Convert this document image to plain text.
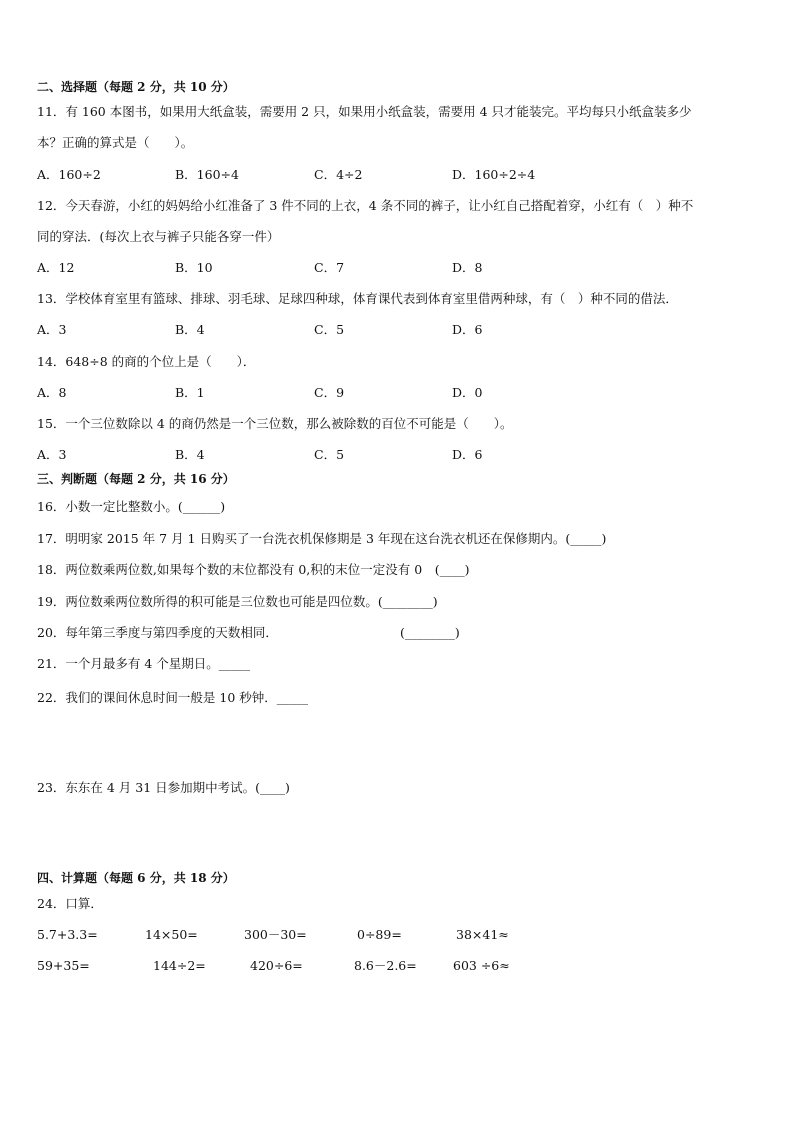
二、选择题（每题 2 分，共 10 分）
11．有 160 本图书，如果用大纸盒装，需要用 2 只，如果用小纸盒装，需要用 4 只才能装完。平均每只小纸盒装多少
本？正确的算式是（　　）。
A．160÷2	B．160÷4	C．4÷2	D．160÷2÷4
12．今天春游，小红的妈妈给小红准备了 3 件不同的上衣，4 条不同的裤子，让小红自己搭配着穿，小红有（　）种不
同的穿法．(每次上衣与裤子只能各穿一件）
A．12	B．10	C．7	D．8
13．学校体育室里有篮球、排球、羽毛球、足球四种球，体育课代表到体育室里借两种球，有（　）种不同的借法．
A．3	B．4	C．5	D．6
14．648÷8 的商的个位上是（　　）．
A．8	B．1	C．9	D．0
15．一个三位数除以 4 的商仍然是一个三位数，那么被除数的百位不可能是（　　）。
A．3	B．4	C．5	D．6
三、判断题（每题 2 分，共 16 分）
16．小数一定比整数小。(______)
17．明明家 2015 年 7 月 1 日购买了一台洗衣机保修期是 3 年现在这台洗衣机还在保修期内。(_____)
18．两位数乘两位数,如果每个数的末位都没有 0,积的末位一定没有 0　(____)
19．两位数乘两位数所得的积可能是三位数也可能是四位数。(________)
20．每年第三季度与第四季度的天数相同．	(________)
21．一个月最多有 4 个星期日。_____
22．我们的课间休息时间一般是 10 秒钟．_____
23．东东在 4 月 31 日参加期中考试。(____)
四、计算题（每题 6 分，共 18 分）
24．口算．
5.7+3.3=	14×50=	300－30=	0÷89=	38×41≈
59+35=	144÷2=	420÷6=	8.6－2.6=	603 ÷6≈
